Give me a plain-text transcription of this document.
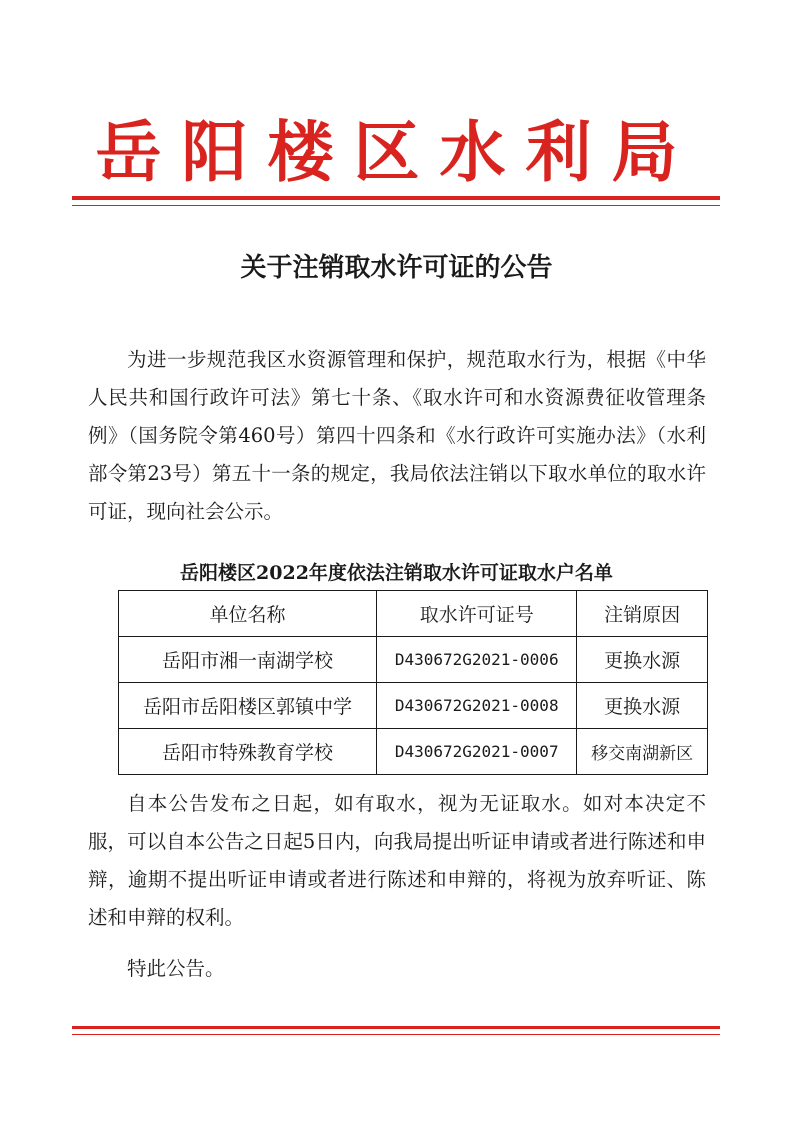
岳阳楼区水利局
关于注销取水许可证的公告
为进一步规范我区水资源管理和保护，规范取水行为，根据《中华人民共和国行政许可法》第七十条、《取水许可和水资源费征收管理条例》（国务院令第460号）第四十四条和《水行政许可实施办法》（水利部令第23号）第五十一条的规定，我局依法注销以下取水单位的取水许可证，现向社会公示。
岳阳楼区2022年度依法注销取水许可证取水户名单
单位名称	取水许可证号	注销原因
岳阳市湘一南湖学校	D430672G2021-0006	更换水源
岳阳市岳阳楼区郭镇中学	D430672G2021-0008	更换水源
岳阳市特殊教育学校	D430672G2021-0007	移交南湖新区
自本公告发布之日起，如有取水，视为无证取水。如对本决定不服，可以自本公告之日起5日内，向我局提出听证申请或者进行陈述和申辩，逾期不提出听证申请或者进行陈述和申辩的，将视为放弃听证、陈述和申辩的权利。
特此公告。
